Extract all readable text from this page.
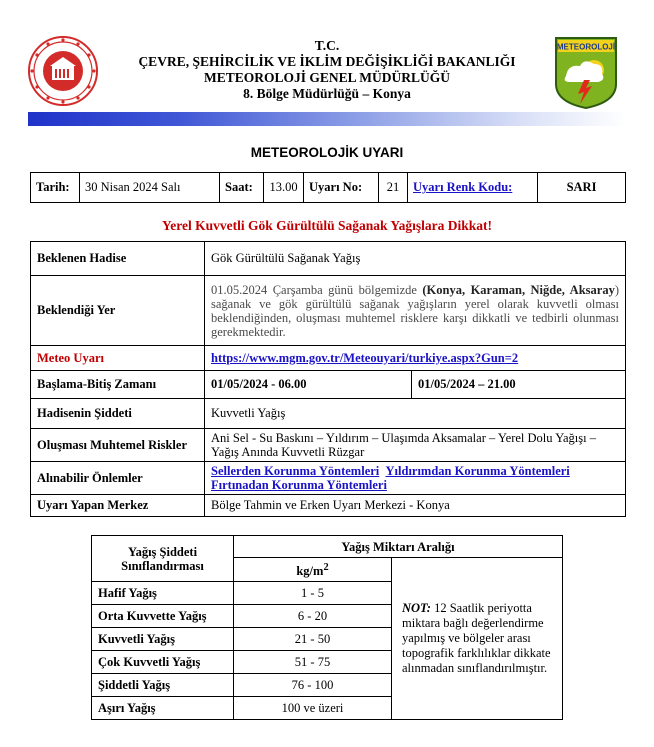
T.C.
ÇEVRE, ŞEHİRCİLİK VE İKLİM DEĞİŞİKLİĞİ BAKANLIĞI
METEOROLOJİ GENEL MÜDÜRLÜĞÜ
8. Bölge Müdürlüğü – Konya
METEOROLOJİ
METEOROLOJİK UYARI
Tarih:	30 Nisan 2024 Salı	Saat:	13.00	Uyarı No:	21	Uyarı Renk Kodu:	SARI
Yerel Kuvvetli Gök Gürültülü Sağanak Yağışlara Dikkat!
Beklenen Hadise	Gök Gürültülü Sağanak Yağış	
Beklendiği Yer	01.05.2024 Çarşamba günü bölgemizde (Konya, Karaman, Niğde, Aksaray) sağanak ve gök gürültülü sağanak yağışların yerel olarak kuvvetli olması beklendiğinden, oluşması muhtemel risklere karşı dikkatli ve tedbirli olunması gerekmektedir.	
Meteo Uyarı	https://www.mgm.gov.tr/Meteouyari/turkiye.aspx?Gun=2	
Başlama-Bitiş Zamanı	01/05/2024 - 06.00	01/05/2024 – 21.00
Hadisenin Şiddeti	Kuvvetli Yağış	
Oluşması Muhtemel Riskler	Ani Sel - Su Baskını – Yıldırım – Ulaşımda Aksamalar – Yerel Dolu Yağışı – Yağış Anında Kuvvetli Rüzgar	
Alınabilir Önlemler	Sellerden Korunma Yöntemleri Yıldırımdan Korunma Yöntemleri
Fırtınadan Korunma Yöntemleri	
Uyarı Yapan Merkez	Bölge Tahmin ve Erken Uyarı Merkezi - Konya	
Yağış Şiddeti
Sınıflandırması	Yağış Miktarı Aralığı	
	$kg/m^2$	NOT: 12 Saatlik periyotta miktara bağlı değerlendirme yapılmış ve bölgeler arası topografik farklılıklar dikkate alınmadan sınıflandırılmıştır.
Hafif Yağış	1 - 5	
Orta Kuvvette Yağış	6 - 20	
Kuvvetli Yağış	21 - 50	
Çok Kuvvetli Yağış	51 - 75	
Şiddetli Yağış	76 - 100	
Aşırı Yağış	100 ve üzeri	
